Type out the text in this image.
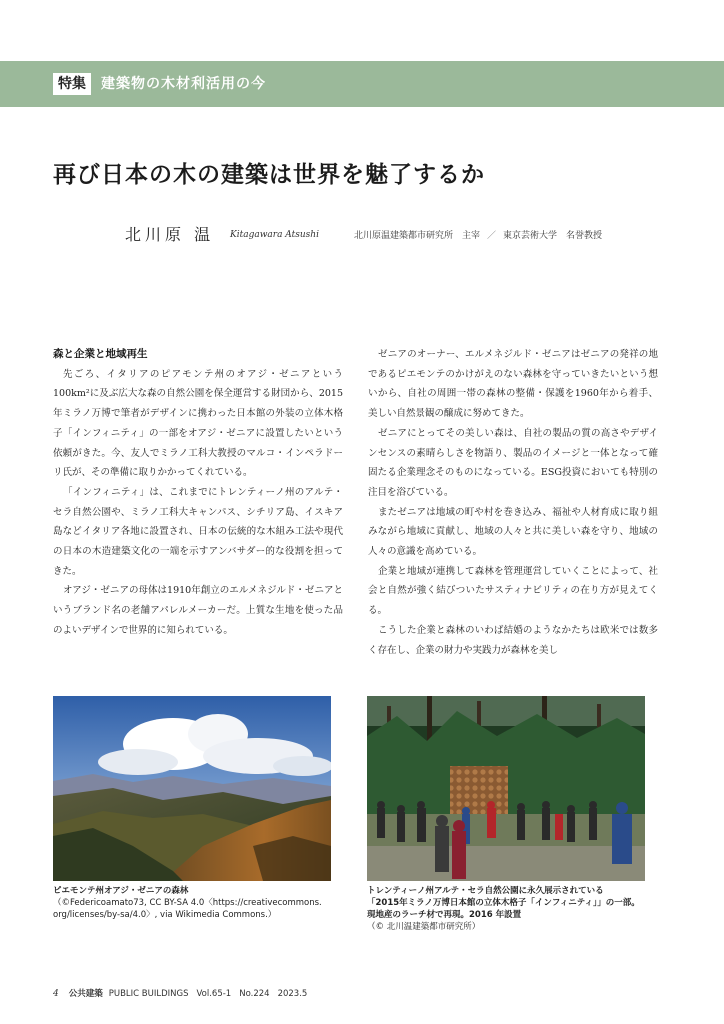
特集	建築物の木材利活用の今
再び日本の木の建築は世界を魅了するか
北川原 温 Kitagawara Atsushi	北川原温建築都市研究所　主宰 ／ 東京芸術大学　名誉教授
森と企業と地域再生

先ごろ、イタリアのピアモンテ州のオアジ・ゼニアという100km²に及ぶ広大な森の自然公園を保全運営する財団から、2015年ミラノ万博で筆者がデザインに携わった日本館の外装の立体木格子「インフィニティ」の一部をオアジ・ゼニアに設置したいという依頼がきた。今、友人でミラノ工科大教授のマルコ・インペラドーリ氏が、その準備に取りかかってくれている。

「インフィニティ」は、これまでにトレンティーノ州のアルテ・セラ自然公園や、ミラノ工科大キャンパス、シチリア島、イスキア島などイタリア各地に設置され、日本の伝統的な木組み工法や現代の日本の木造建築文化の一端を示すアンバサダー的な役割を担ってきた。

オアジ・ゼニアの母体は1910年創立のエルメネジルド・ゼニアというブランド名の老舗アパレルメーカーだ。上質な生地を使った品のよいデザインで世界的に知られている。

ゼニアのオーナー、エルメネジルド・ゼニアはゼニアの発祥の地であるピエモンテのかけがえのない森林を守っていきたいという想いから、自社の周囲一帯の森林の整備・保護を1960年から着手、美しい自然景観の醸成に努めてきた。

ゼニアにとってその美しい森は、自社の製品の質の高さやデザインセンスの素晴らしさを物語り、製品のイメージと一体となって確固たる企業理念そのものになっている。ESG投資においても特別の注目を浴びている。

またゼニアは地域の町や村を巻き込み、福祉や人材育成に取り組みながら地域に貢献し、地域の人々と共に美しい森を守り、地域の人々の意識を高めている。

企業と地域が連携して森林を管理運営していくことによって、社会と自然が強く結びついたサスティナビリティの在り方が見えてくる。

こうした企業と森林のいわば結婚のようなかたちは欧米では数多く存在し、企業の財力や実践力が森林を美し

ピエモンテ州オアジ・ゼニアの森林
（©Federicoamato73, CC BY-SA 4.0〈https://creativecommons.
org/licenses/by-sa/4.0〉, via Wikimedia Commons.）
トレンティーノ州アルテ・セラ自然公園に永久展示されている
「2015年ミラノ万博日本館の立体木格子「インフィニティ」」の一部。
現地産のラーチ材で再現。2016 年設置
（© 北川温建築都市研究所）
4 公共建築 PUBLIC BUILDINGS Vol.65-1 No.224 2023.5
